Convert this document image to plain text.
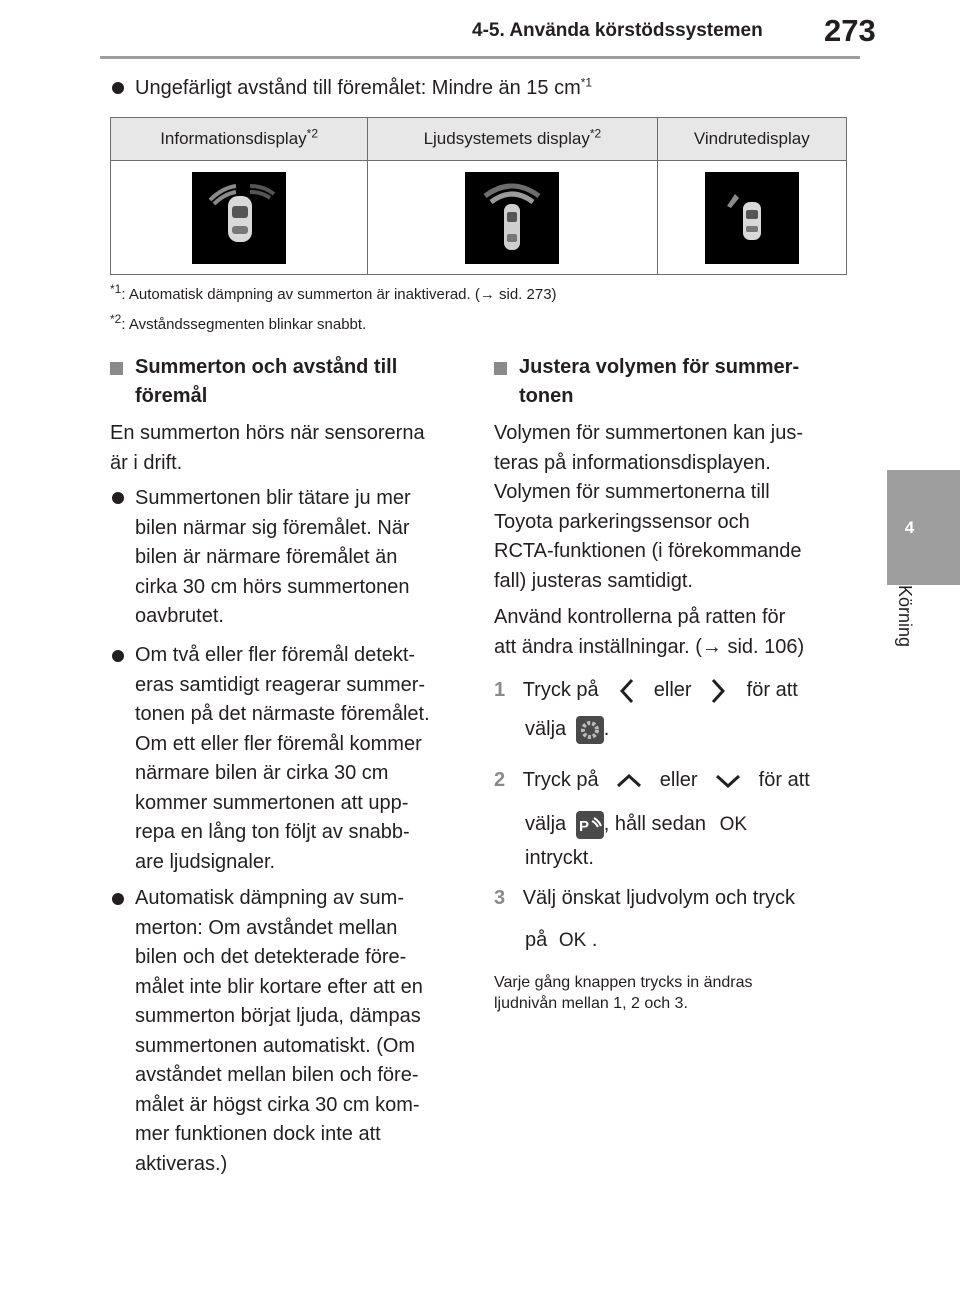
4-5. Använda körstödssystemen 273
4
Körning
Ungefärligt avstånd till föremålet: Mindre än 15 $cm^{*1}$
Informationsdisplay$^{*2}$	Ljudsystemets display$^{*2}$	Vindrutedisplay

$^{*1}$: Automatisk dämpning av summerton är inaktiverad. (→ sid. 273)
$^{*2}$: Avståndssegmenten blinkar snabbt.
Summerton och avstånd till
föremål
En summerton hörs när sensorerna
är i drift.
Summertonen blir tätare ju mer
bilen närmar sig föremålet. När
bilen är närmare föremålet än
cirka 30 cm hörs summertonen
oavbrutet.
Om två eller fler föremål detekt-
eras samtidigt reagerar summer-
tonen på det närmaste föremålet.
Om ett eller fler föremål kommer
närmare bilen är cirka 30 cm
kommer summertonen att upp-
repa en lång ton följt av snabb-
are ljudsignaler.
Automatisk dämpning av sum-
merton: Om avståndet mellan
bilen och det detekterade före-
målet inte blir kortare efter att en
summerton börjat ljuda, dämpas
summertonen automatiskt. (Om
avståndet mellan bilen och före-
målet är högst cirka 30 cm kom-
mer funktionen dock inte att
aktiveras.)
Justera volymen för summer-
tonen
Volymen för summertonen kan jus-
teras på informationsdisplayen.
Volymen för summertonerna till
Toyota parkeringssensor och
RCTA-funktionen (i förekommande
fall) justeras samtidigt.
Använd kontrollerna på ratten för
att ändra inställningar. (→ sid. 106)
1 Tryck på	eller	för att
välja .
2 Tryck på	eller	för att
välja P , håll sedan OK
intryckt.
3 Välj önskat ljudvolym och tryck
på OK .
Varje gång knappen trycks in ändras
ljudnivån mellan 1, 2 och 3.
